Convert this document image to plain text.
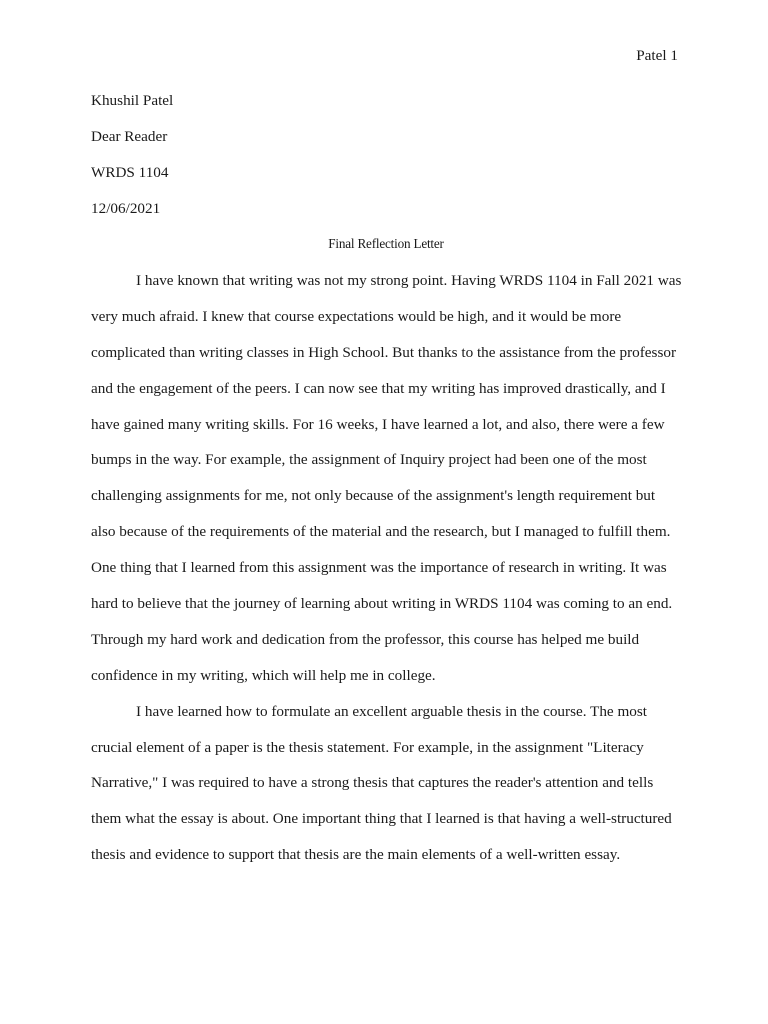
Patel 1
Khushil Patel
Dear Reader
WRDS 1104
12/06/2021
Final Reflection Letter
I have known that writing was not my strong point. Having WRDS 1104 in Fall 2021 was
very much afraid. I knew that course expectations would be high, and it would be more
complicated than writing classes in High School. But thanks to the assistance from the professor
and the engagement of the peers. I can now see that my writing has improved drastically, and I
have gained many writing skills. For 16 weeks, I have learned a lot, and also, there were a few
bumps in the way. For example, the assignment of Inquiry project had been one of the most
challenging assignments for me, not only because of the assignment's length requirement but
also because of the requirements of the material and the research, but I managed to fulfill them.
One thing that I learned from this assignment was the importance of research in writing. It was
hard to believe that the journey of learning about writing in WRDS 1104 was coming to an end.
Through my hard work and dedication from the professor, this course has helped me build
confidence in my writing, which will help me in college.
I have learned how to formulate an excellent arguable thesis in the course. The most
crucial element of a paper is the thesis statement. For example, in the assignment "Literacy
Narrative," I was required to have a strong thesis that captures the reader's attention and tells
them what the essay is about. One important thing that I learned is that having a well-structured
thesis and evidence to support that thesis are the main elements of a well-written essay.
